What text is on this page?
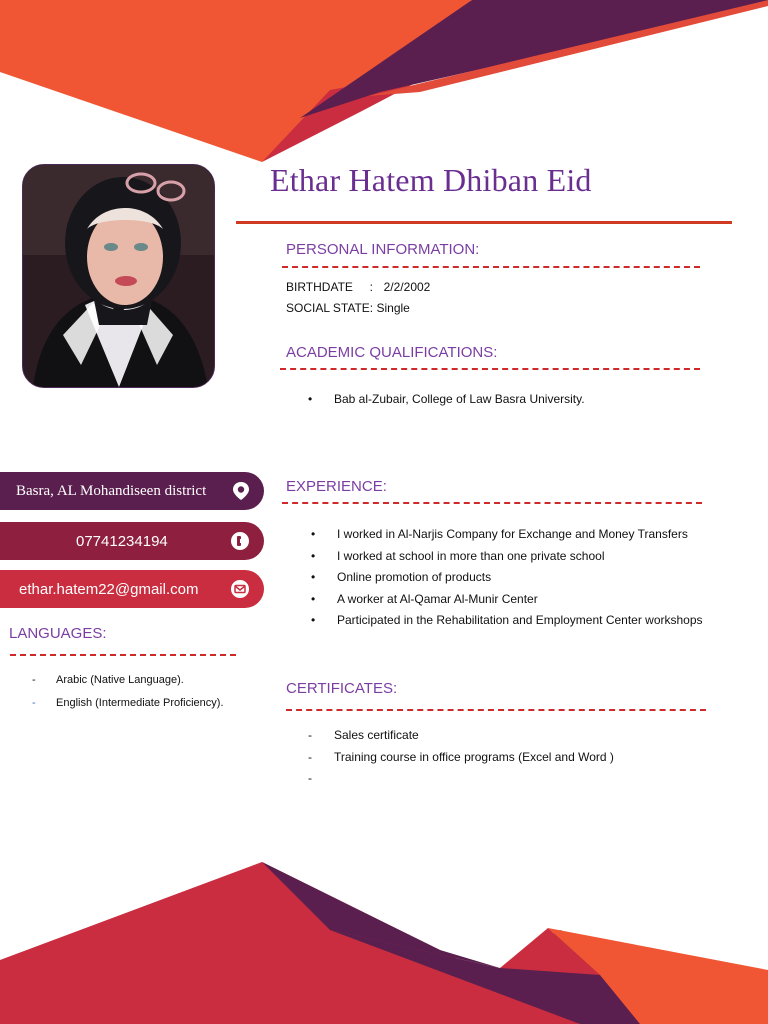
Ethar Hatem Dhiban Eid
PERSONAL INFORMATION:
BIRTHDATE : 2/2/2002
SOCIAL STATE: Single
ACADEMIC QUALIFICATIONS:
• Bab al-Zubair, College of Law Basra University.
Basra, AL Mohandiseen district
07741234194
ethar.hatem22@gmail.com
LANGUAGES:
- Arabic (Native Language).
- English (Intermediate Proficiency).
EXPERIENCE:
• I worked in Al-Narjis Company for Exchange and Money Transfers
• I worked at school in more than one private school
• Online promotion of products
• A worker at Al-Qamar Al-Munir Center
• Participated in the Rehabilitation and Employment Center workshops
CERTIFICATES:
- Sales certificate
- Training course in office programs (Excel and Word )
-
